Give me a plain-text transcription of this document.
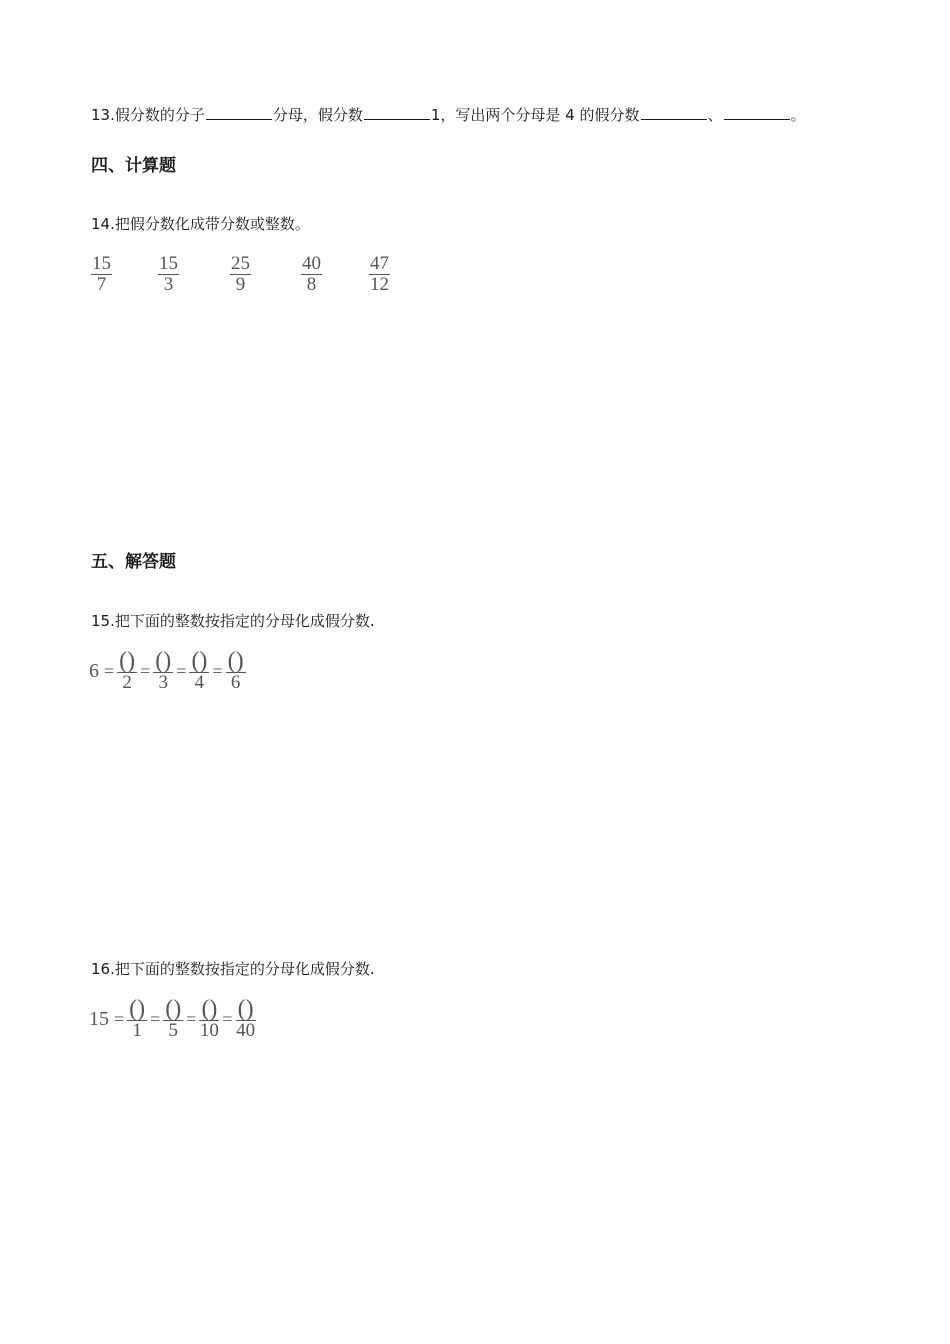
13.假分数的分子	分母，假分数	1，写出两个分母是 4 的假分数	、	。
四、计算题
14.把假分数化成带分数或整数。
$\frac{15}{7} \frac{15}{3}$	$\frac{25}{9}$	$\frac{40}{8} \frac{47}{12}$
五、解答题
15.把下面的整数按指定的分母化成假分数.
$6 = \frac{()}{2} = \frac{()}{3} = \frac{()}{4} = \frac{()}{6}$
16.把下面的整数按指定的分母化成假分数.
$15 = \frac{()}{1} = \frac{()}{5} = \frac{()}{10} = \frac{()}{40}$
